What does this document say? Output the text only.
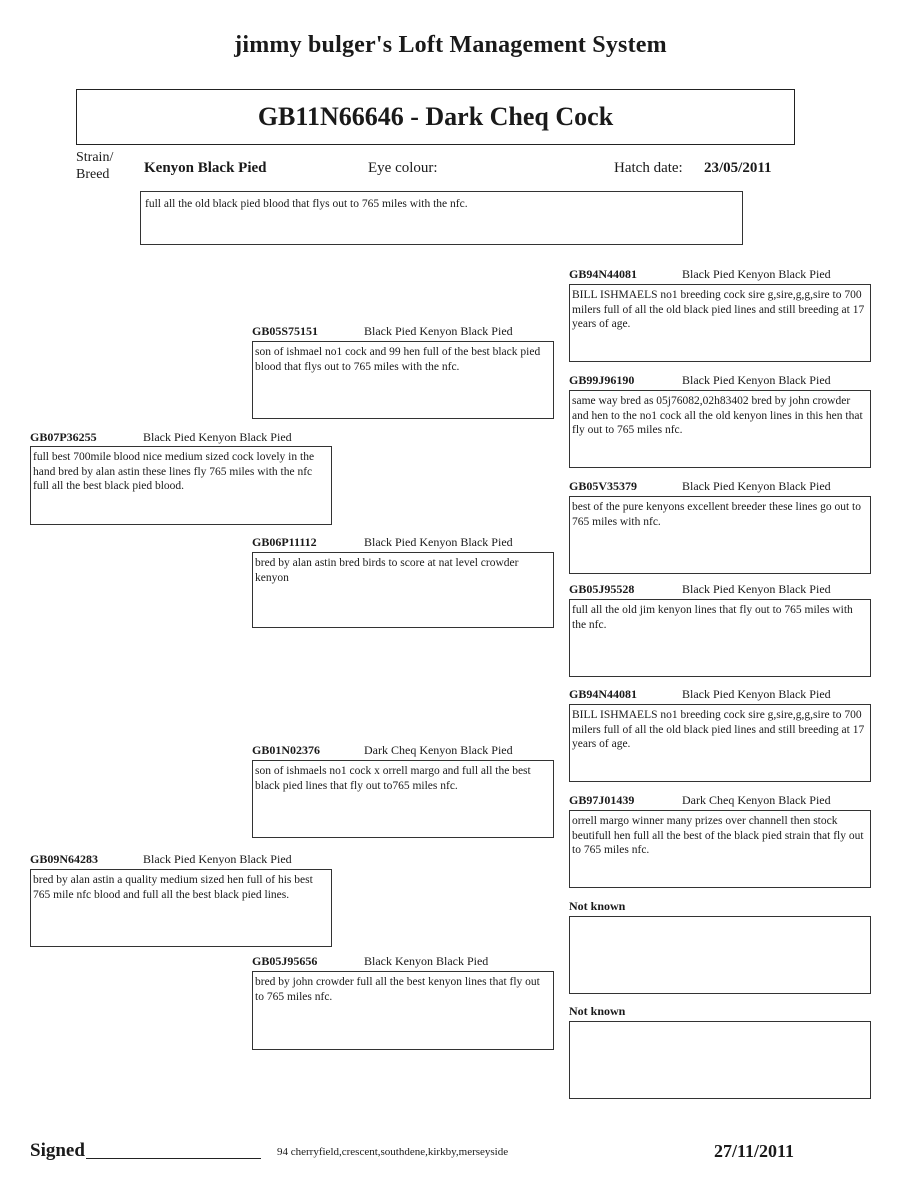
jimmy bulger's Loft Management System
GB11N66646 - Dark Cheq Cock
Strain/
Breed Kenyon Black Pied	Eye colour:	Hatch date: 23/05/2011
full all the old black pied blood that flys out to 765 miles with the nfc.
GB07P36255	Black Pied Kenyon Black Pied
full best 700mile blood nice medium sized cock lovely in the hand bred by alan astin these lines fly 765 miles with the nfc full all the best black pied blood.
GB09N64283	Black Pied Kenyon Black Pied
bred by alan astin a quality medium sized hen full of his best 765 mile nfc blood and full all the best black pied lines.
GB05S75151	Black Pied Kenyon Black Pied
son of ishmael no1 cock and 99 hen full of the best black pied blood that flys out to 765 miles with the nfc.
GB06P11112	Black Pied Kenyon Black Pied
bred by alan astin bred birds to score at nat level crowder kenyon
GB01N02376	Dark Cheq Kenyon Black Pied
son of ishmaels no1 cock x orrell margo and full all the best black pied lines that fly out to765 miles nfc.
GB05J95656	Black Kenyon Black Pied
bred by john crowder full all the best kenyon lines that fly out to 765 miles nfc.
GB94N44081	Black Pied Kenyon Black Pied
BILL ISHMAELS no1 breeding cock sire g,sire,g,g,sire to 700 milers full of all the old black pied lines and still breeding at 17 years of age.
GB99J96190	Black Pied Kenyon Black Pied
same way bred as 05j76082,02h83402 bred by john crowder and hen to the no1 cock all the old kenyon lines in this hen that fly out to 765 miles nfc.
GB05V35379	Black Pied Kenyon Black Pied
best of the pure kenyons excellent breeder these lines go out to 765 miles with nfc.
GB05J95528	Black Pied Kenyon Black Pied
full all the old jim kenyon lines that fly out to 765 miles with the nfc.
GB94N44081	Black Pied Kenyon Black Pied
BILL ISHMAELS no1 breeding cock sire g,sire,g,g,sire to 700 milers full of all the old black pied lines and still breeding at 17 years of age.
GB97J01439	Dark Cheq Kenyon Black Pied
orrell margo winner many prizes over channell then stock beutifull hen full all the best of the black pied strain that fly out to 765 miles nfc.
Not known
Not known
Signed	94 cherryfield,crescent,southdene,kirkby,merseyside	27/11/2011
